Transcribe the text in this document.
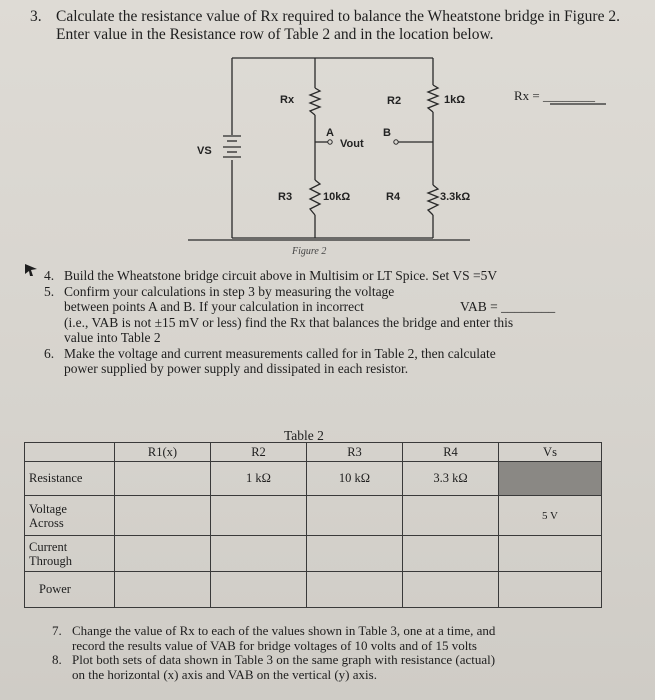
3. Calculate the resistance value of Rx required to balance the Wheatstone bridge in Figure 2. Enter value in the Resistance row of Table 2 and in the location below.
Rx	R2	1kΩ
A	B
Vout
VS
R3	10kΩ	R4	3.3kΩ
Rx = ________
Figure 2
4. Build the Wheatstone bridge circuit above in Multisim or LT Spice. Set VS =5V
5. Confirm your calculations in step 3 by measuring the voltage
between points A and B. If your calculation in incorrect	VAB = ________
(i.e., VAB is not ±15 mV or less) find the Rx that balances the bridge and enter this
value into Table 2
6. Make the voltage and current measurements called for in Table 2, then calculate
power supplied by power supply and dissipated in each resistor.
Table 2
	R1(x)	R2	R3	R4	Vs
Resistance		1 kΩ	10 kΩ	3.3 kΩ	

Voltage
Across					5 V

Current
Through					

Power					
7. Change the value of Rx to each of the values shown in Table 3, one at a time, and
record the results value of VAB for bridge voltages of 10 volts and of 15 volts
8. Plot both sets of data shown in Table 3 on the same graph with resistance (actual)
on the horizontal (x) axis and VAB on the vertical (y) axis.
